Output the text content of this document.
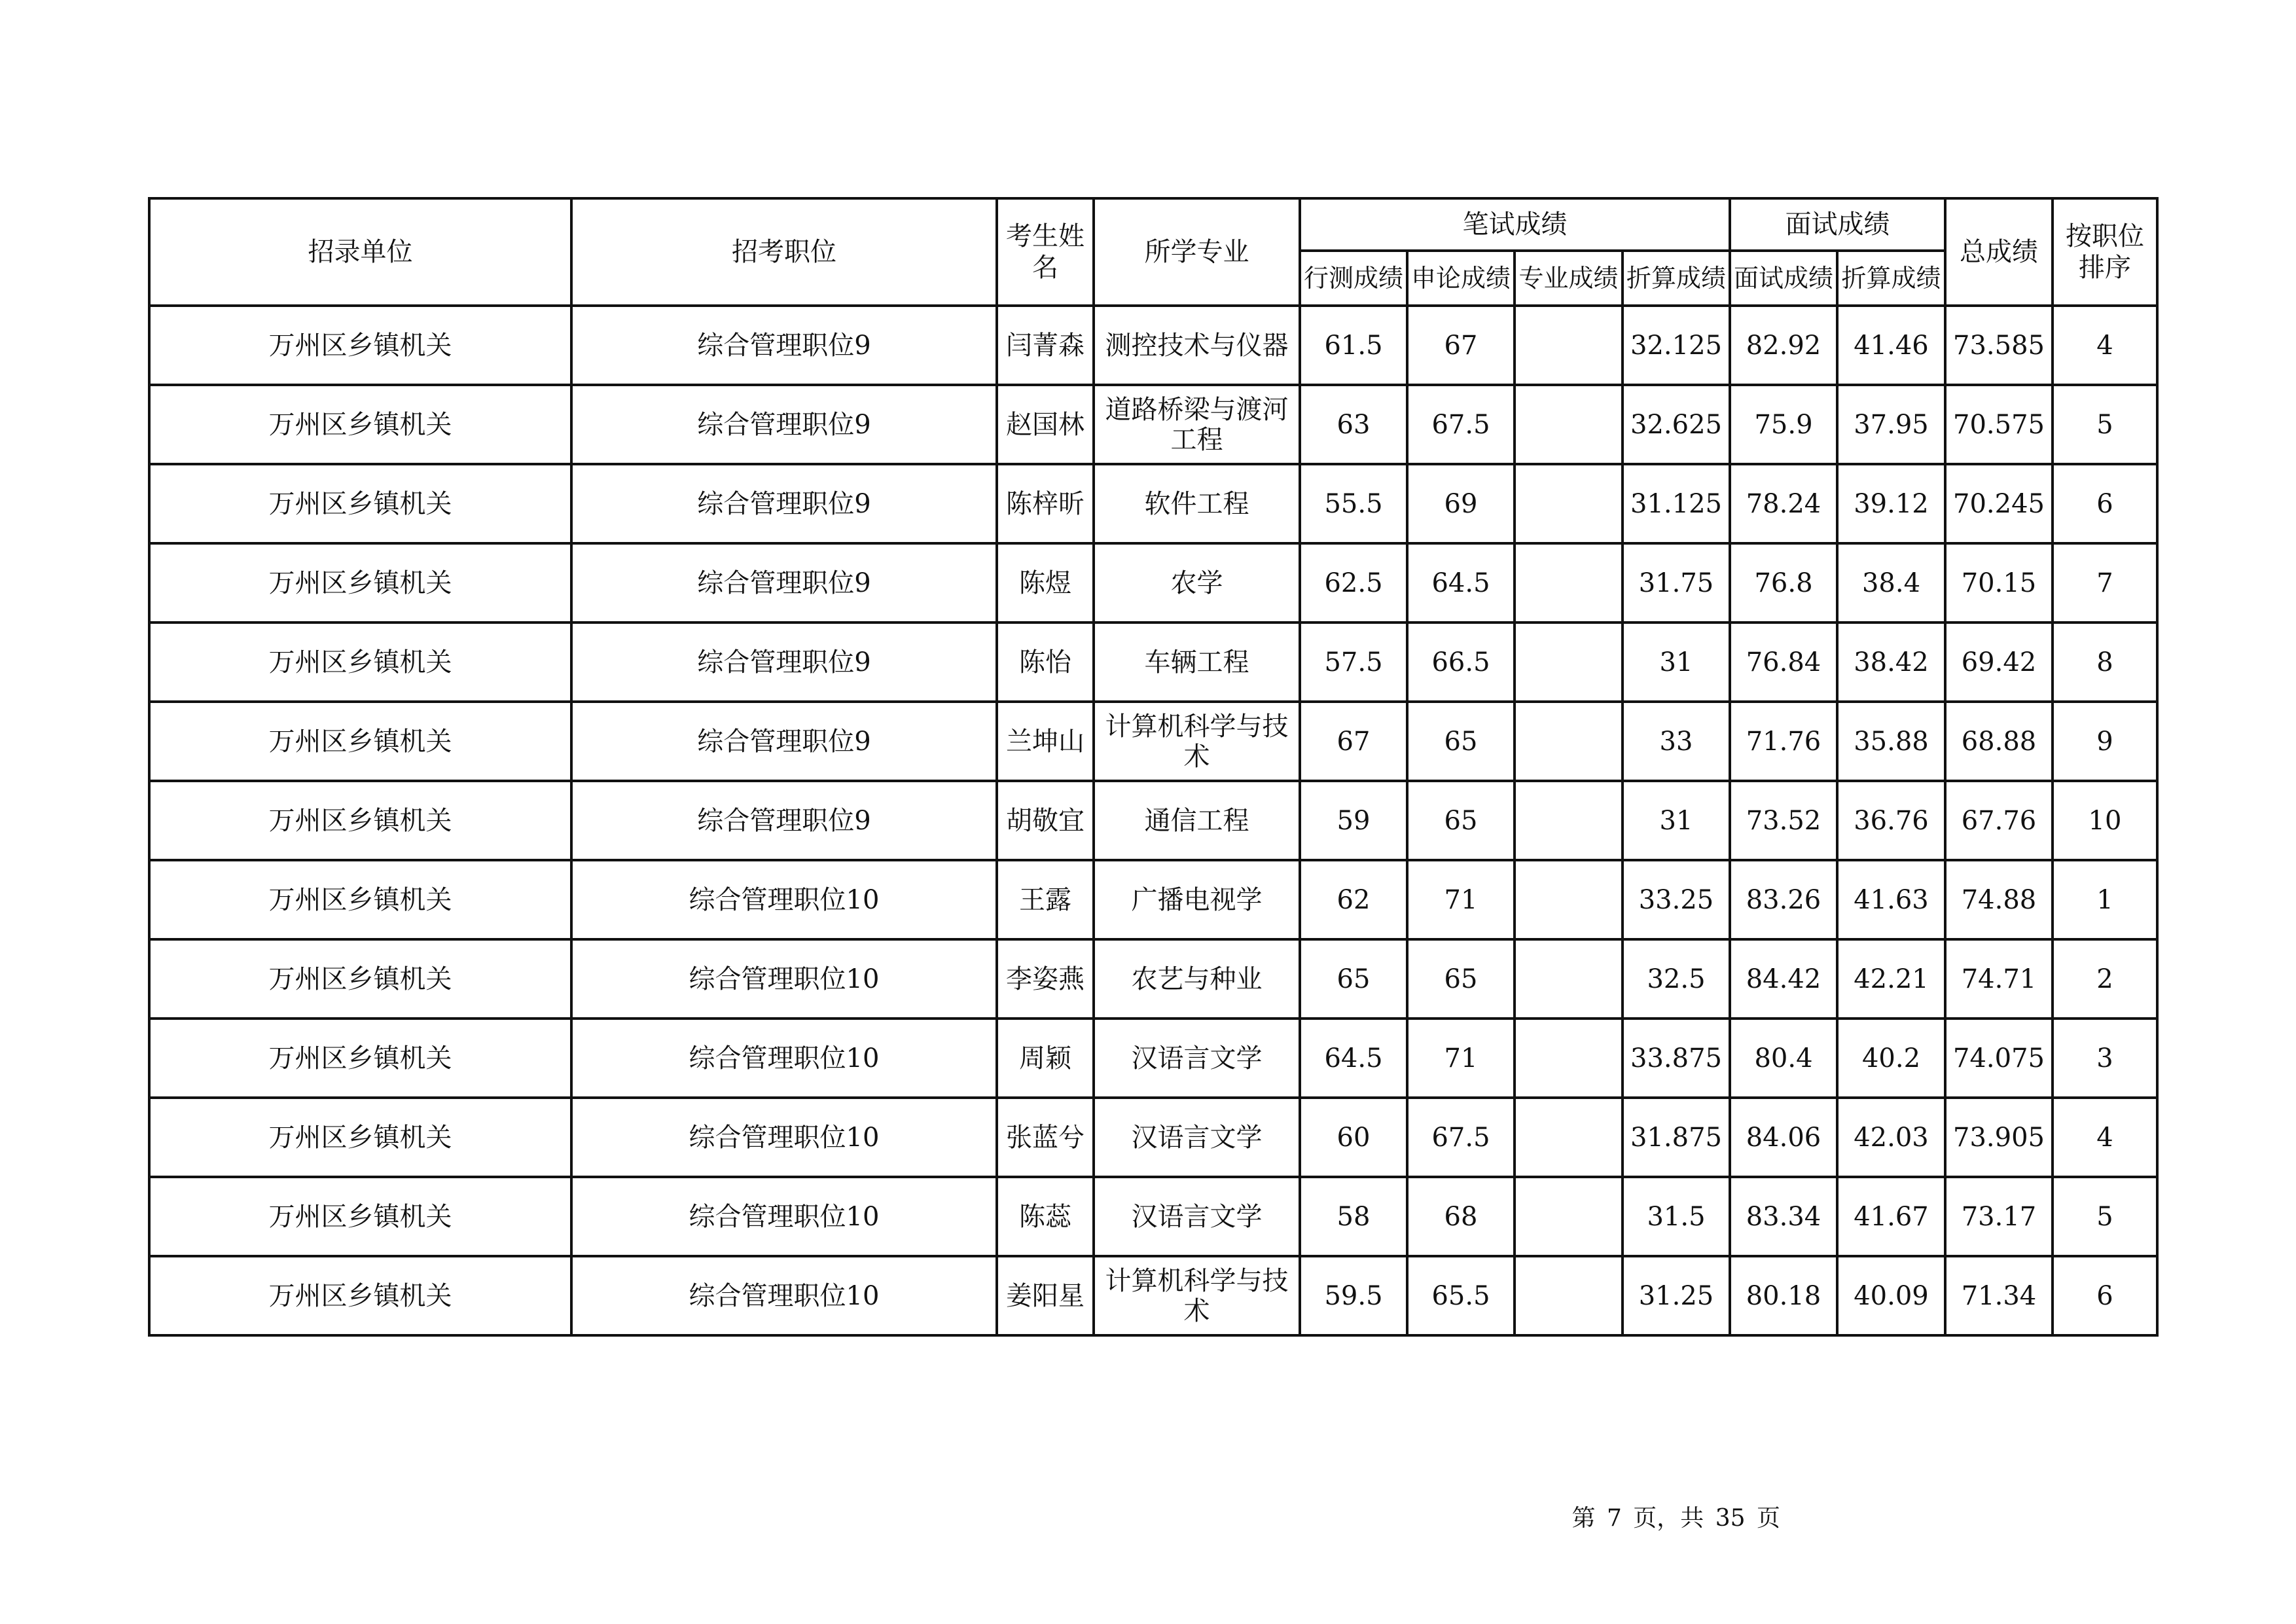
招录单位	招考职位	考生姓名	所学专业	笔试成绩				面试成绩		总成绩	按职位排序
				行测成绩	申论成绩	专业成绩	折算成绩	面试成绩	折算成绩		
万州区乡镇机关	综合管理职位9	闫菁森	测控技术与仪器	61.5	67		32.125	82.92	41.46	73.585	4
万州区乡镇机关	综合管理职位9	赵国林	道路桥梁与渡河工程	63	67.5		32.625	75.9	37.95	70.575	5
万州区乡镇机关	综合管理职位9	陈梓昕	软件工程	55.5	69		31.125	78.24	39.12	70.245	6
万州区乡镇机关	综合管理职位9	陈煜	农学	62.5	64.5		31.75	76.8	38.4	70.15	7
万州区乡镇机关	综合管理职位9	陈怡	车辆工程	57.5	66.5		31	76.84	38.42	69.42	8
万州区乡镇机关	综合管理职位9	兰坤山	计算机科学与技术	67	65		33	71.76	35.88	68.88	9
万州区乡镇机关	综合管理职位9	胡敬宜	通信工程	59	65		31	73.52	36.76	67.76	10
万州区乡镇机关	综合管理职位10	王露	广播电视学	62	71		33.25	83.26	41.63	74.88	1
万州区乡镇机关	综合管理职位10	李姿燕	农艺与种业	65	65		32.5	84.42	42.21	74.71	2
万州区乡镇机关	综合管理职位10	周颖	汉语言文学	64.5	71		33.875	80.4	40.2	74.075	3
万州区乡镇机关	综合管理职位10	张蓝兮	汉语言文学	60	67.5		31.875	84.06	42.03	73.905	4
万州区乡镇机关	综合管理职位10	陈蕊	汉语言文学	58	68		31.5	83.34	41.67	73.17	5
万州区乡镇机关	综合管理职位10	姜阳星	计算机科学与技术	59.5	65.5		31.25	80.18	40.09	71.34	6
第 7 页，共 35 页
